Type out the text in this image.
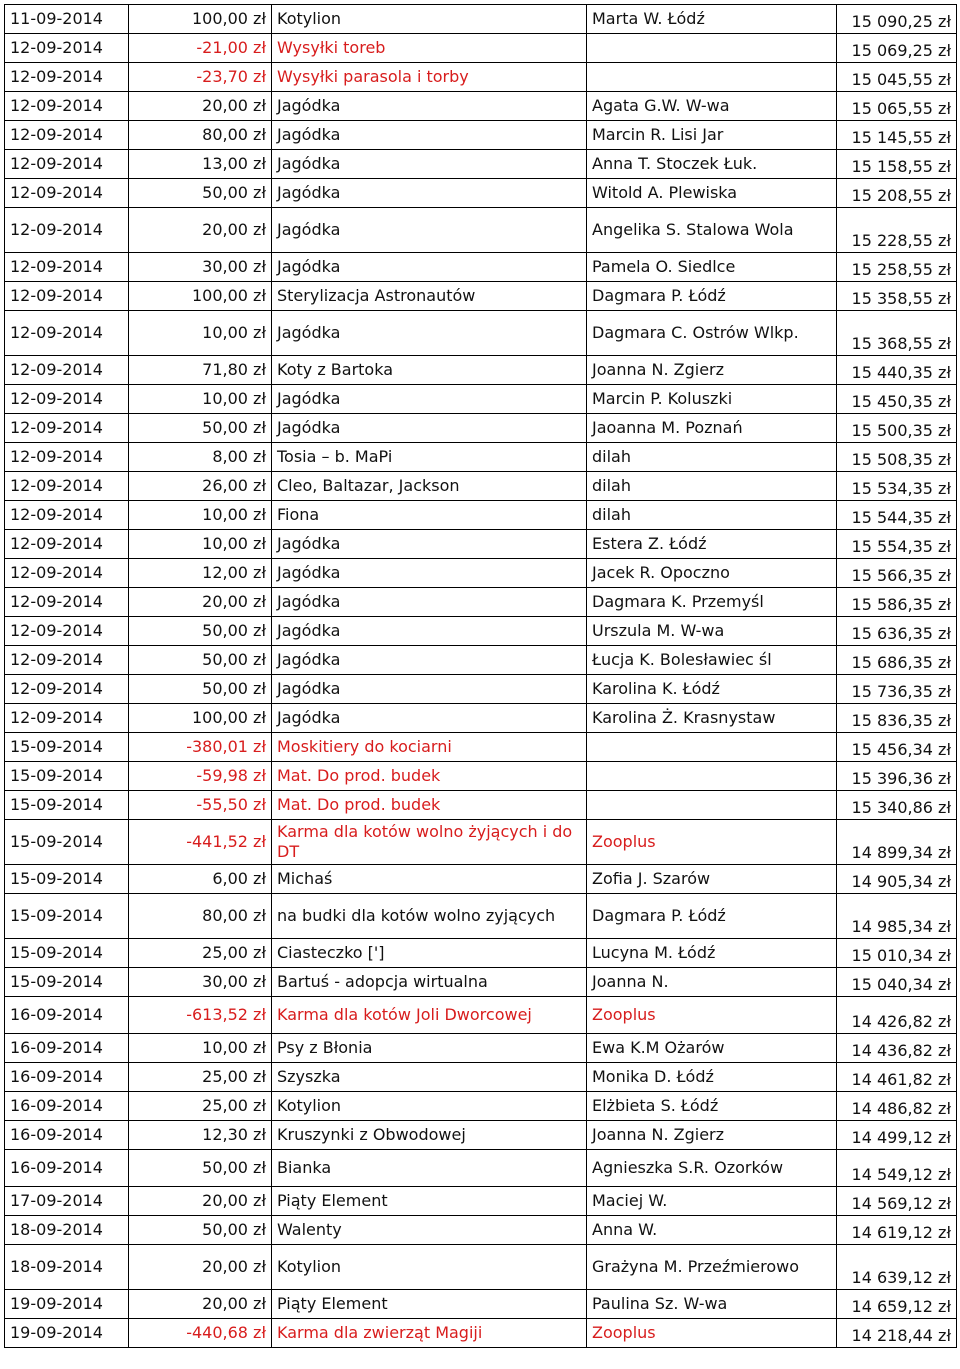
11-09-2014	100,00 zł	Kotylion	Marta W. Łódź	15 090,25 zł
12-09-2014	-21,00 zł	Wysyłki toreb		15 069,25 zł
12-09-2014	-23,70 zł	Wysyłki parasola i torby		15 045,55 zł
12-09-2014	20,00 zł	Jagódka	Agata G.W. W-wa	15 065,55 zł
12-09-2014	80,00 zł	Jagódka	Marcin R. Lisi Jar	15 145,55 zł
12-09-2014	13,00 zł	Jagódka	Anna T. Stoczek Łuk.	15 158,55 zł
12-09-2014	50,00 zł	Jagódka	Witold A. Plewiska	15 208,55 zł
12-09-2014	20,00 zł	Jagódka	Angelika S. Stalowa Wola	15 228,55 zł
12-09-2014	30,00 zł	Jagódka	Pamela O. Siedlce	15 258,55 zł
12-09-2014	100,00 zł	Sterylizacja Astronautów	Dagmara P. Łódź	15 358,55 zł
12-09-2014	10,00 zł	Jagódka	Dagmara C. Ostrów Wlkp.	15 368,55 zł
12-09-2014	71,80 zł	Koty z Bartoka	Joanna N. Zgierz	15 440,35 zł
12-09-2014	10,00 zł	Jagódka	Marcin P. Koluszki	15 450,35 zł
12-09-2014	50,00 zł	Jagódka	Jaoanna M. Poznań	15 500,35 zł
12-09-2014	8,00 zł	Tosia – b. MaPi	dilah	15 508,35 zł
12-09-2014	26,00 zł	Cleo, Baltazar, Jackson	dilah	15 534,35 zł
12-09-2014	10,00 zł	Fiona	dilah	15 544,35 zł
12-09-2014	10,00 zł	Jagódka	Estera Z. Łódź	15 554,35 zł
12-09-2014	12,00 zł	Jagódka	Jacek R. Opoczno	15 566,35 zł
12-09-2014	20,00 zł	Jagódka	Dagmara K. Przemyśl	15 586,35 zł
12-09-2014	50,00 zł	Jagódka	Urszula M. W-wa	15 636,35 zł
12-09-2014	50,00 zł	Jagódka	Łucja K. Bolesławiec śl	15 686,35 zł
12-09-2014	50,00 zł	Jagódka	Karolina K. Łódź	15 736,35 zł
12-09-2014	100,00 zł	Jagódka	Karolina Ż. Krasnystaw	15 836,35 zł
15-09-2014	-380,01 zł	Moskitiery do kociarni		15 456,34 zł
15-09-2014	-59,98 zł	Mat. Do prod. budek		15 396,36 zł
15-09-2014	-55,50 zł	Mat. Do prod. budek		15 340,86 zł
15-09-2014	-441,52 zł	Karma dla kotów wolno żyjących i do DT	Zooplus	14 899,34 zł
15-09-2014	6,00 zł	Michaś	Zofia J. Szarów	14 905,34 zł
15-09-2014	80,00 zł	na budki dla kotów wolno zyjących	Dagmara P. Łódź	14 985,34 zł
15-09-2014	25,00 zł	Ciasteczko [']	Lucyna M. Łódź	15 010,34 zł
15-09-2014	30,00 zł	Bartuś - adopcja wirtualna	Joanna N.	15 040,34 zł
16-09-2014	-613,52 zł	Karma dla kotów Joli Dworcowej	Zooplus	14 426,82 zł
16-09-2014	10,00 zł	Psy z Błonia	Ewa K.M Ożarów	14 436,82 zł
16-09-2014	25,00 zł	Szyszka	Monika D. Łódź	14 461,82 zł
16-09-2014	25,00 zł	Kotylion	Elżbieta S. Łódź	14 486,82 zł
16-09-2014	12,30 zł	Kruszynki z Obwodowej	Joanna N. Zgierz	14 499,12 zł
16-09-2014	50,00 zł	Bianka	Agnieszka S.R. Ozorków	14 549,12 zł
17-09-2014	20,00 zł	Piąty Element	Maciej W.	14 569,12 zł
18-09-2014	50,00 zł	Walenty	Anna W.	14 619,12 zł
18-09-2014	20,00 zł	Kotylion	Grażyna M. Przeźmierowo	14 639,12 zł
19-09-2014	20,00 zł	Piąty Element	Paulina Sz. W-wa	14 659,12 zł
19-09-2014	-440,68 zł	Karma dla zwierząt Magiji	Zooplus	14 218,44 zł
